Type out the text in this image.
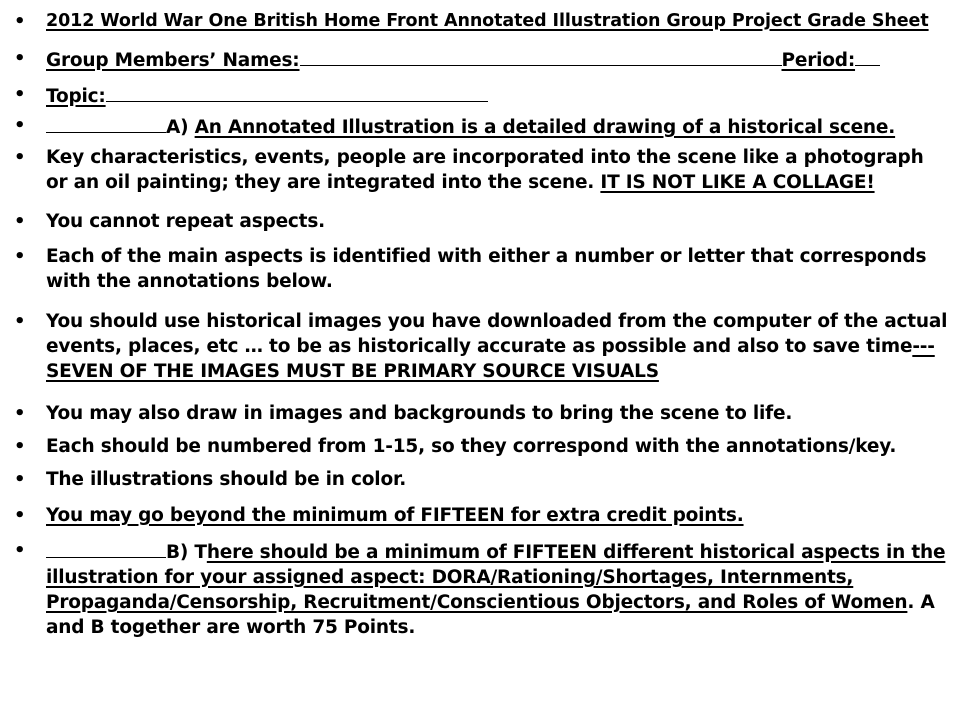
•
•
•
•
•
•
•
•
•
•
•
•
•
2012 World War One British Home Front Annotated Illustration Group Project Grade Sheet
Group Members’ Names:	Period:
Topic:
A) An Annotated Illustration is a detailed drawing of a historical scene.
Key characteristics, events, people are incorporated into the scene like a photograph or an oil painting; they are integrated into the scene. IT IS NOT LIKE A COLLAGE!
You cannot repeat aspects.
Each of the main aspects is identified with either a number or letter that corresponds with the annotations below.
You should use historical images you have downloaded from the computer of the actual events, places, etc … to be as historically accurate as possible and also to save time--- SEVEN OF THE IMAGES MUST BE PRIMARY SOURCE VISUALS
You may also draw in images and backgrounds to bring the scene to life.
Each should be numbered from 1-15, so they correspond with the annotations/key.
The illustrations should be in color.
You may go beyond the minimum of FIFTEEN for extra credit points.
B) There should be a minimum of FIFTEEN different historical aspects in the illustration for your assigned aspect: DORA/Rationing/Shortages, Internments, Propaganda/Censorship, Recruitment/Conscientious Objectors, and Roles of Women. A and B together are worth 75 Points.
